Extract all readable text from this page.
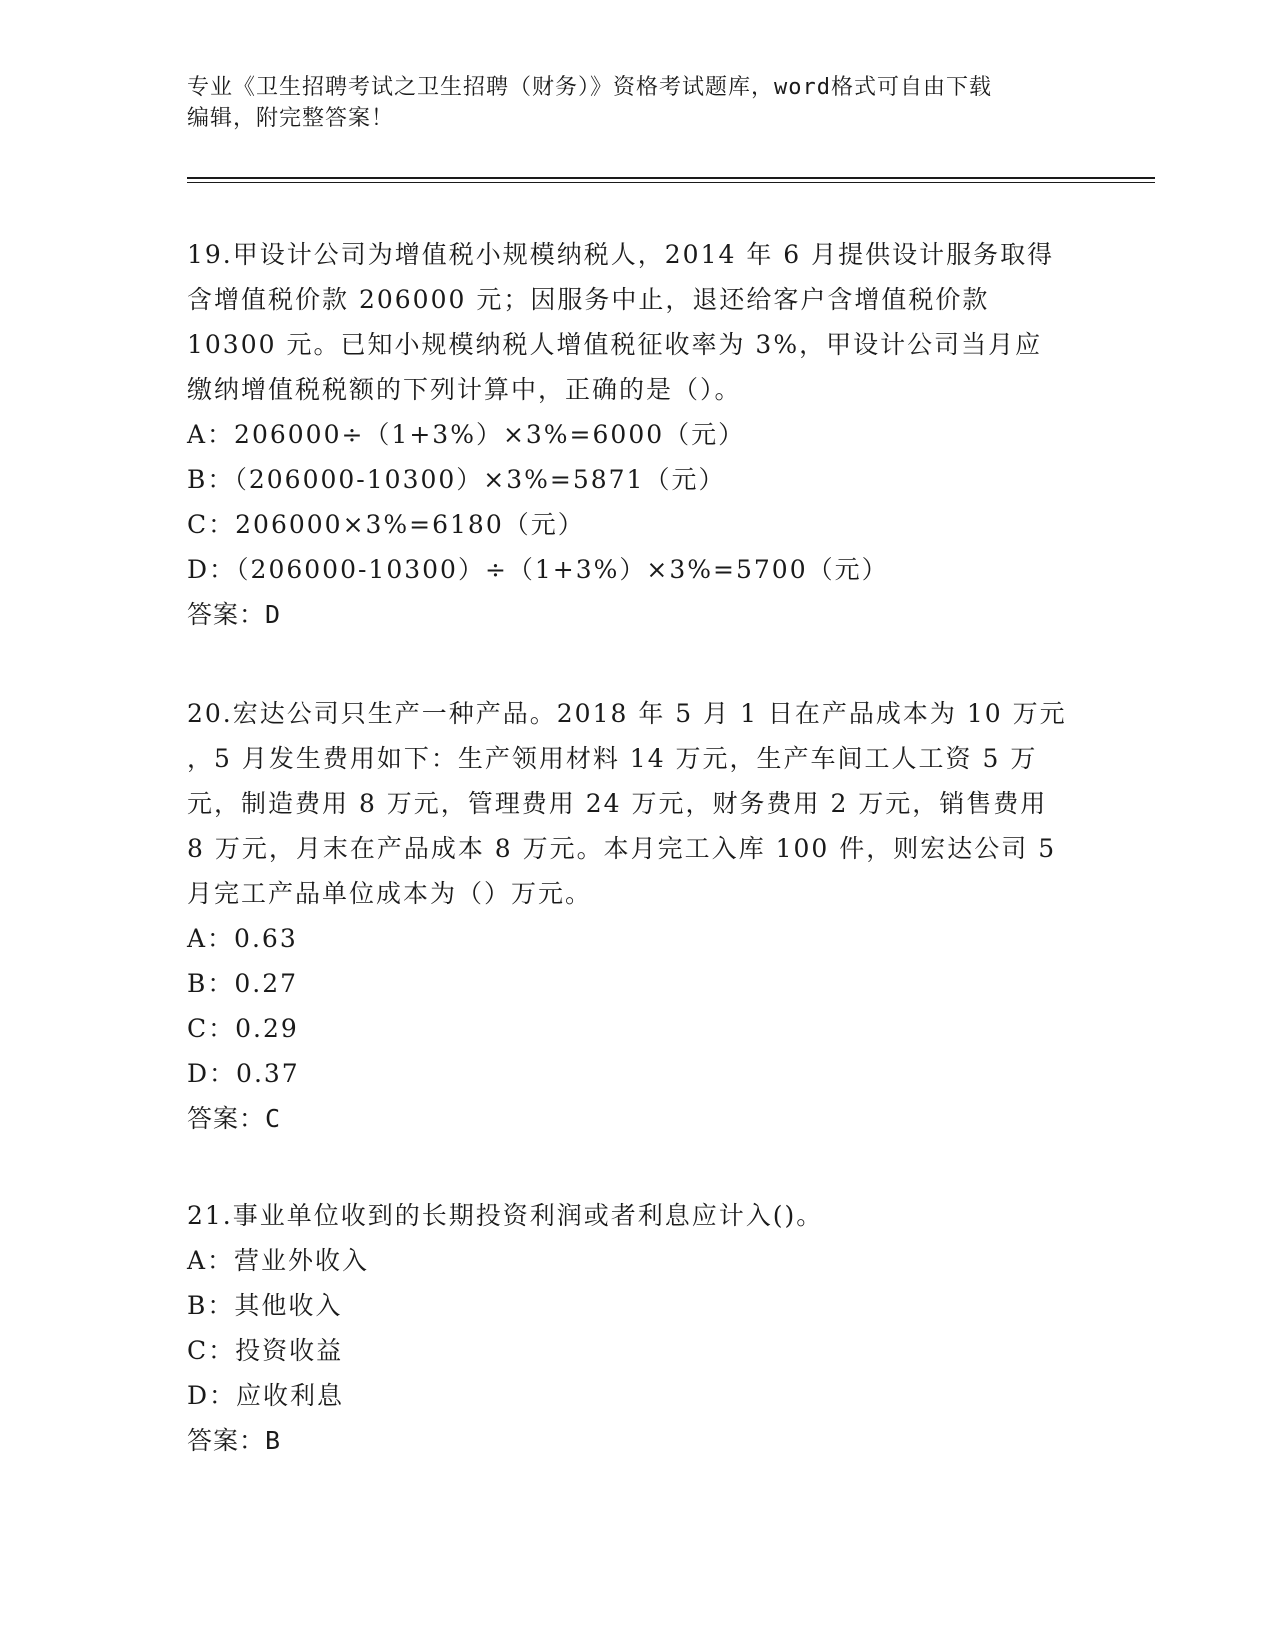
专业《卫生招聘考试之卫生招聘（财务）》资格考试题库，word格式可自由下载
编辑，附完整答案！

19.甲设计公司为增值税小规模纳税人，2014 年 6 月提供设计服务取得

含增值税价款 206000 元；因服务中止，退还给客户含增值税价款

10300 元。已知小规模纳税人增值税征收率为 3%，甲设计公司当月应

缴纳增值税税额的下列计算中，正确的是（）。

A：206000÷（1+3%）×3%=6000（元）
B：（206000-10300）×3%=5871（元）
C：206000×3%=6180（元）
D：（206000-10300）÷（1+3%）×3%=5700（元）
答案：D

20.宏达公司只生产一种产品。2018 年 5 月 1 日在产品成本为 10 万元

，5 月发生费用如下：生产领用材料 14 万元，生产车间工人工资 5 万

元，制造费用 8 万元，管理费用 24 万元，财务费用 2 万元，销售费用

8 万元，月末在产品成本 8 万元。本月完工入库 100 件，则宏达公司 5

月完工产品单位成本为（）万元。

A：0.63
B：0.27
C：0.29
D：0.37
答案：C

21.事业单位收到的长期投资利润或者利息应计入()。

A：营业外收入
B：其他收入
C：投资收益
D：应收利息
答案：B
